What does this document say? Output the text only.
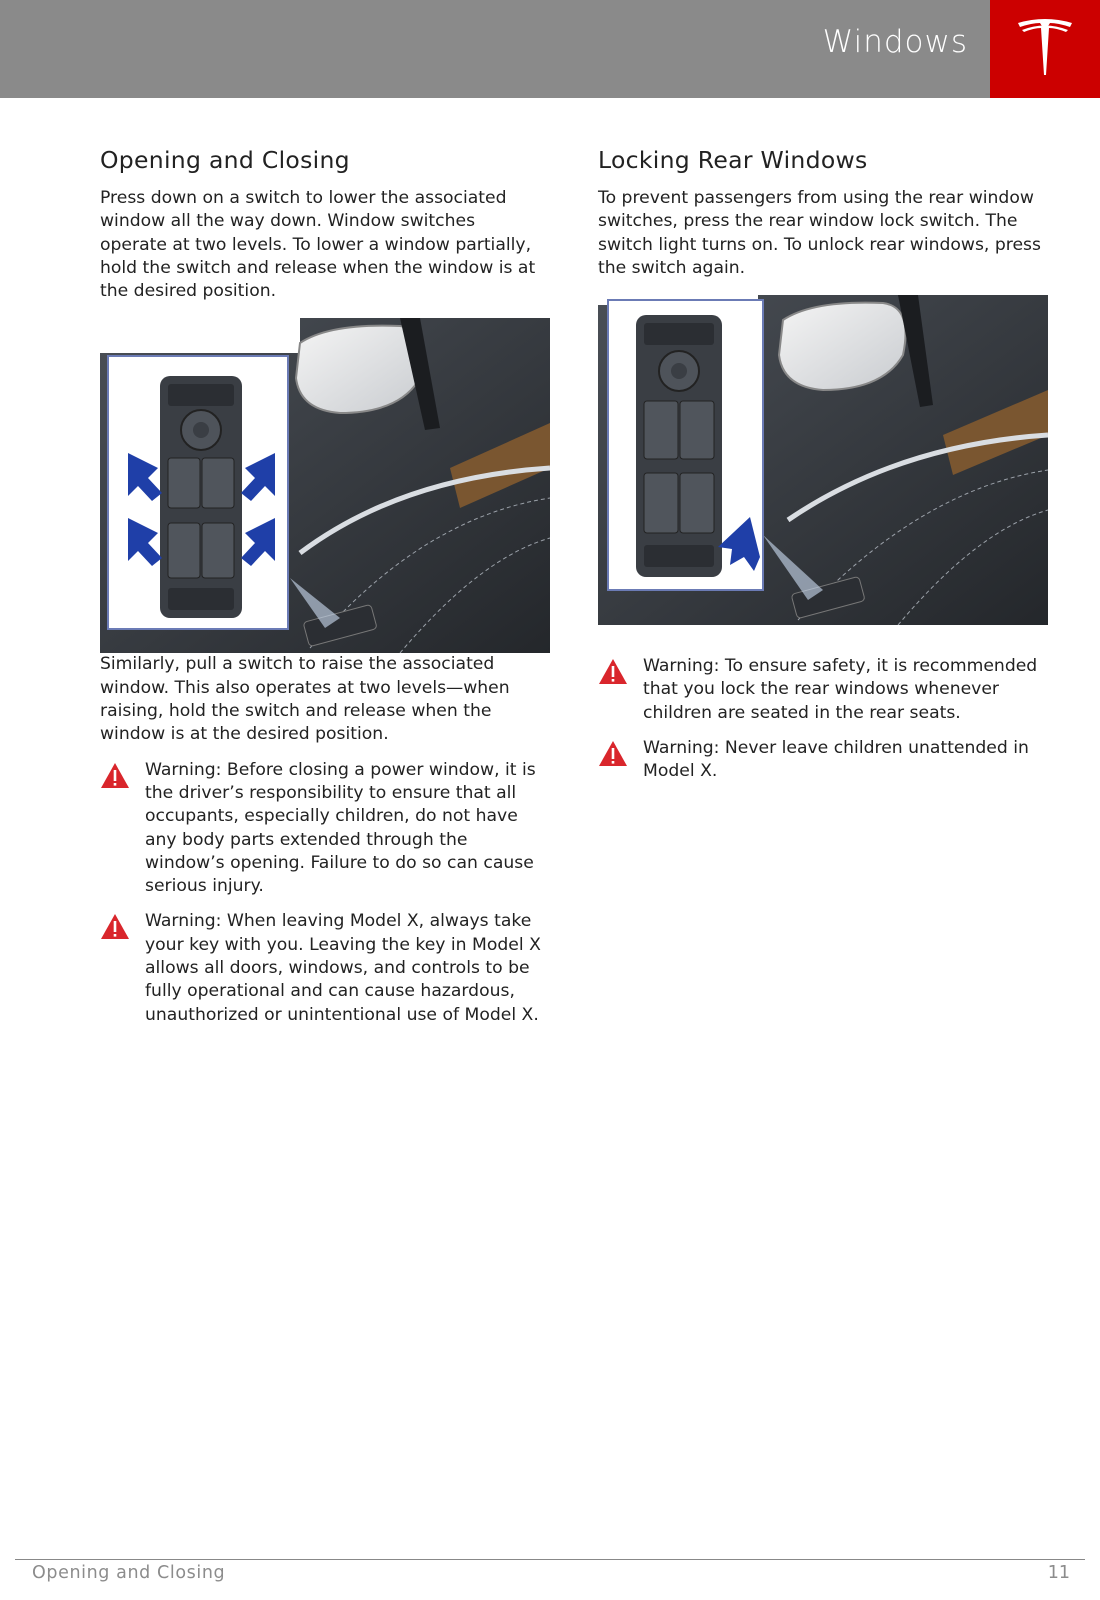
Windows
Opening and Closing

Press down on a switch to lower the associated window all the way down. Window switches operate at two levels. To lower a window partially, hold the switch and release when the window is at the desired position.

Similarly, pull a switch to raise the associated window. This also operates at two levels—when raising, hold the switch and release when the window is at the desired position.

Warning: Before closing a power window, it is the driver’s responsibility to ensure that all occupants, especially children, do not have any body parts extended through the window’s opening. Failure to do so can cause serious injury.
Warning: When leaving Model X, always take your key with you. Leaving the key in Model X allows all doors, windows, and controls to be fully operational and can cause hazardous, unauthorized or unintentional use of Model X.
Locking Rear Windows

To prevent passengers from using the rear window switches, press the rear window lock switch. The switch light turns on. To unlock rear windows, press the switch again.

Warning: To ensure safety, it is recommended that you lock the rear windows whenever children are seated in the rear seats.
Warning: Never leave children unattended in Model X.
Opening and Closing	11
